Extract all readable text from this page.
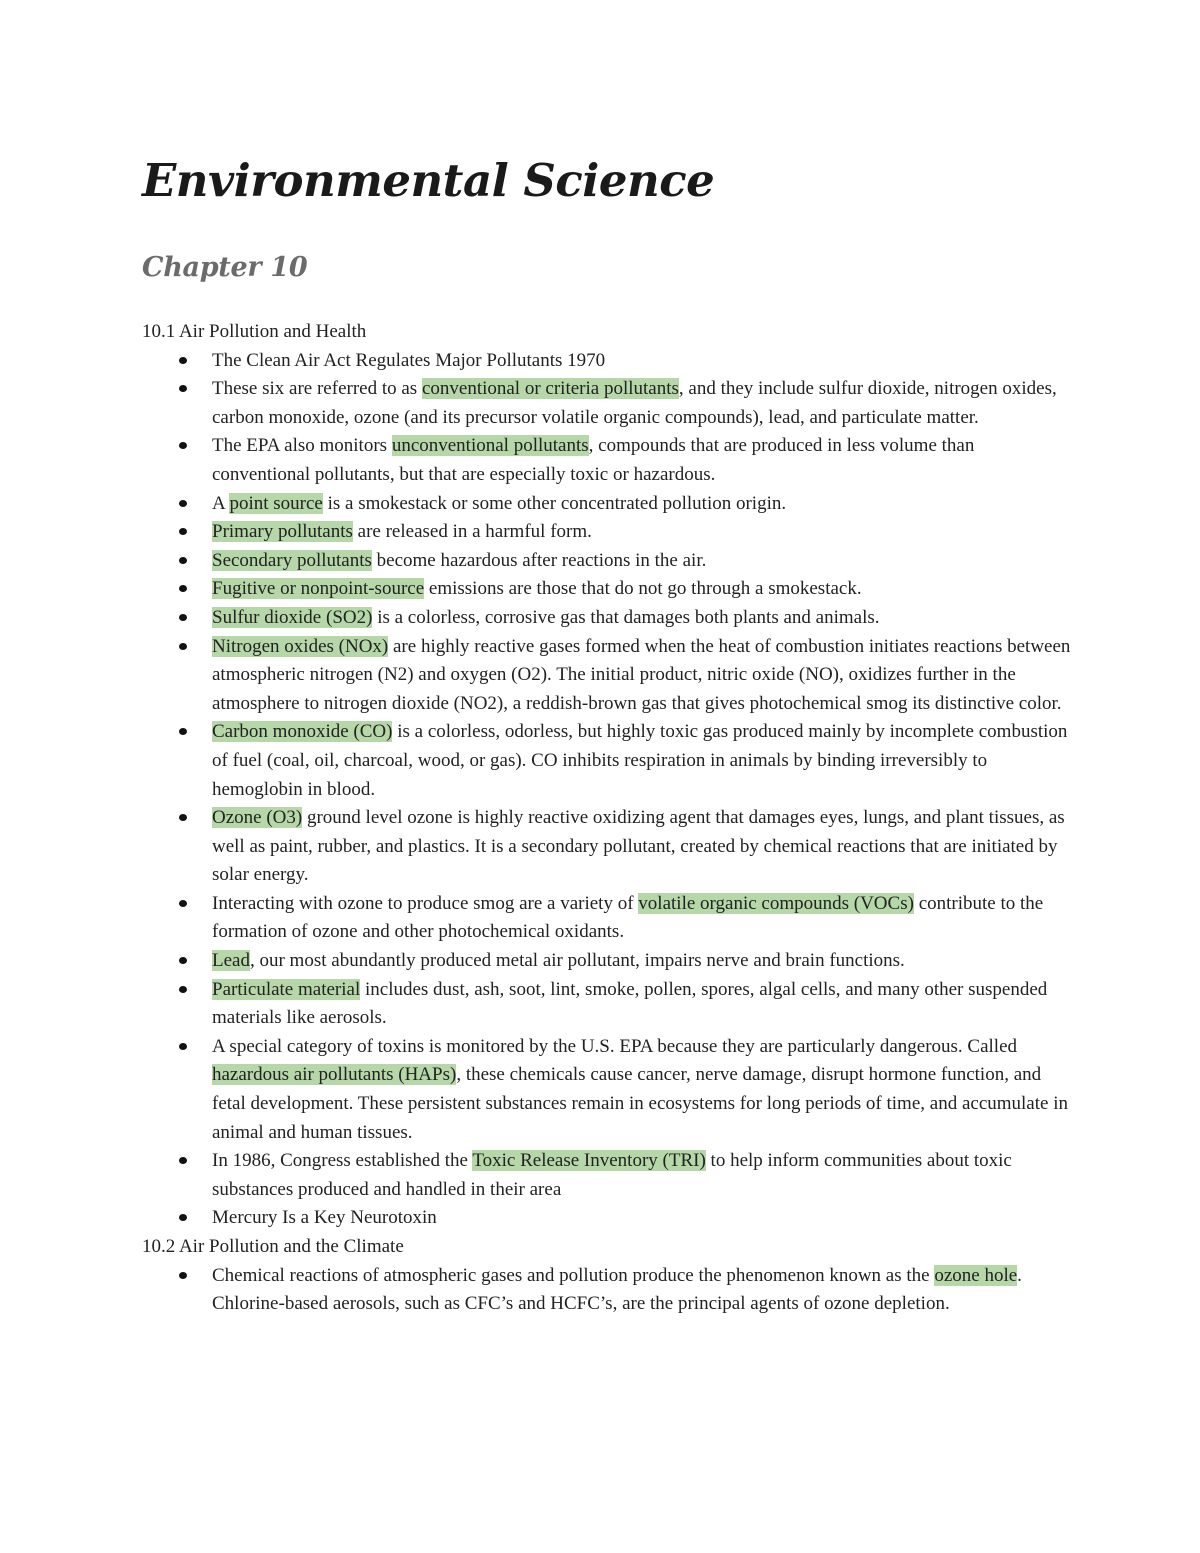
Environmental Science
Chapter 10

10.1 Air Pollution and Health

The Clean Air Act Regulates Major Pollutants 1970
These six are referred to as conventional or criteria pollutants, and they include sulfur dioxide, nitrogen oxides, carbon monoxide, ozone (and its precursor volatile organic compounds), lead, and particulate matter.
The EPA also monitors unconventional pollutants, compounds that are produced in less volume than conventional pollutants, but that are especially toxic or hazardous.
A point source is a smokestack or some other concentrated pollution origin.
Primary pollutants are released in a harmful form.
Secondary pollutants become hazardous after reactions in the air.
Fugitive or nonpoint-source emissions are those that do not go through a smokestack.
Sulfur dioxide (SO2) is a colorless, corrosive gas that damages both plants and animals.
Nitrogen oxides (NOx) are highly reactive gases formed when the heat of combustion initiates reactions between atmospheric nitrogen (N2) and oxygen (O2). The initial product, nitric oxide (NO), oxidizes further in the atmosphere to nitrogen dioxide (NO2), a reddish-brown gas that gives photochemical smog its distinctive color.
Carbon monoxide (CO) is a colorless, odorless, but highly toxic gas produced mainly by incomplete combustion of fuel (coal, oil, charcoal, wood, or gas). CO inhibits respiration in animals by binding irreversibly to hemoglobin in blood.
Ozone (O3) ground level ozone is highly reactive oxidizing agent that damages eyes, lungs, and plant tissues, as well as paint, rubber, and plastics. It is a secondary pollutant, created by chemical reactions that are initiated by solar energy.
Interacting with ozone to produce smog are a variety of volatile organic compounds (VOCs) contribute to the formation of ozone and other photochemical oxidants.
Lead, our most abundantly produced metal air pollutant, impairs nerve and brain functions.
Particulate material includes dust, ash, soot, lint, smoke, pollen, spores, algal cells, and many other suspended materials like aerosols.
A special category of toxins is monitored by the U.S. EPA because they are particularly dangerous. Called hazardous air pollutants (HAPs), these chemicals cause cancer, nerve damage, disrupt hormone function, and fetal development. These persistent substances remain in ecosystems for long periods of time, and accumulate in animal and human tissues.
In 1986, Congress established the Toxic Release Inventory (TRI) to help inform communities about toxic substances produced and handled in their area
Mercury Is a Key Neurotoxin

10.2 Air Pollution and the Climate

Chemical reactions of atmospheric gases and pollution produce the phenomenon known as the ozone hole. Chlorine-based aerosols, such as CFC’s and HCFC’s, are the principal agents of ozone depletion.
